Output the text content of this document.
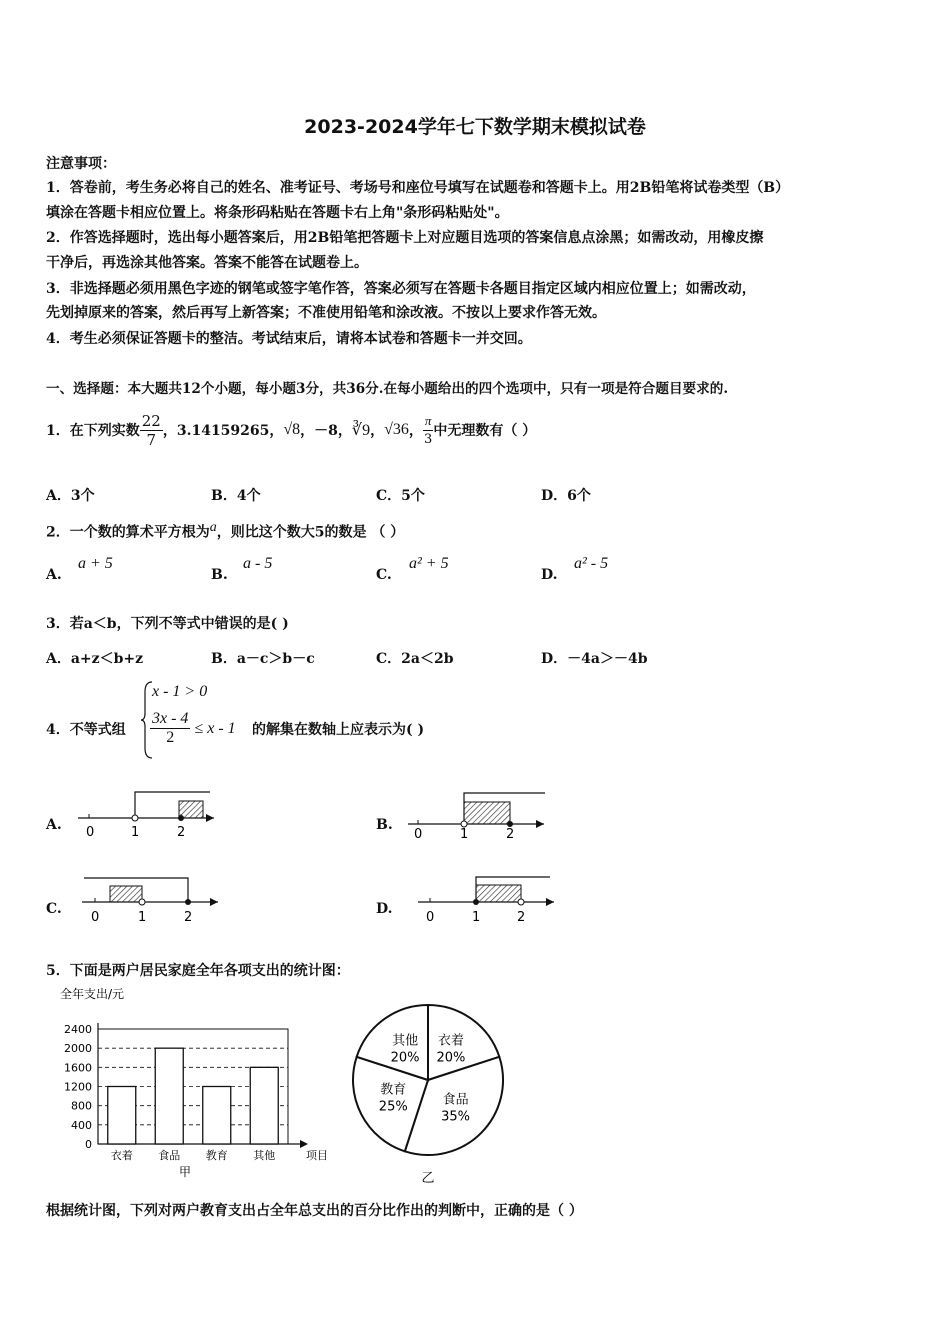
2023-2024学年七下数学期末模拟试卷
注意事项：
1．答卷前，考生务必将自己的姓名、准考证号、考场号和座位号填写在试题卷和答题卡上。用2B铅笔将试卷类型（B）
填涂在答题卡相应位置上。将条形码粘贴在答题卡右上角"条形码粘贴处"。
2．作答选择题时，选出每小题答案后，用2B铅笔把答题卡上对应题目选项的答案信息点涂黑；如需改动，用橡皮擦
干净后，再选涂其他答案。答案不能答在试题卷上。
3．非选择题必须用黑色字迹的钢笔或签字笔作答，答案必须写在答题卡各题目指定区域内相应位置上；如需改动，
先划掉原来的答案，然后再写上新答案；不准使用铅笔和涂改液。不按以上要求作答无效。
4．考生必须保证答题卡的整洁。考试结束后，请将本试卷和答题卡一并交回。
一、选择题：本大题共12个小题，每小题3分，共36分.在每小题给出的四个选项中，只有一项是符合题目要求的.
1．在下列实数 $\frac{22}{7}$ ，3.14159265， √8 ，－8， ∛9 ， √36 ， $\frac{\pi}{3}$ 中无理数有（ ）
A．3个	B．4个	C．5个	D．6个
2．一个数的算术平方根为$^a$，则比这个数大5的数是 （ ）
A.
a + 5
B.
a - 5
C.
a² + 5
D.
a² - 5
3．若a＜b，下列不等式中错误的是( )
A．a+z＜b+z	B．a－c＞b－c	C．2a＜2b	D．－4a＞－4b
4．不等式组
x - 1 > 0
$\frac{3x - 4}{2} \le x - 1$ 的解集在数轴上应表示为( )
A.	B.
C.	D.
0	1	2	0	1	2
0	1	2	0	1	2
5．下面是两户居民家庭全年各项支出的统计图：
全年支出/元
0
400
800
1200
1600
2000
2400
衣着 食品 教育 其他	项目
甲
衣着
20%
食品
35%
教育
25%
其他
20%
乙
根据统计图，下列对两户教育支出占全年总支出的百分比作出的判断中，正确的是（ ）
